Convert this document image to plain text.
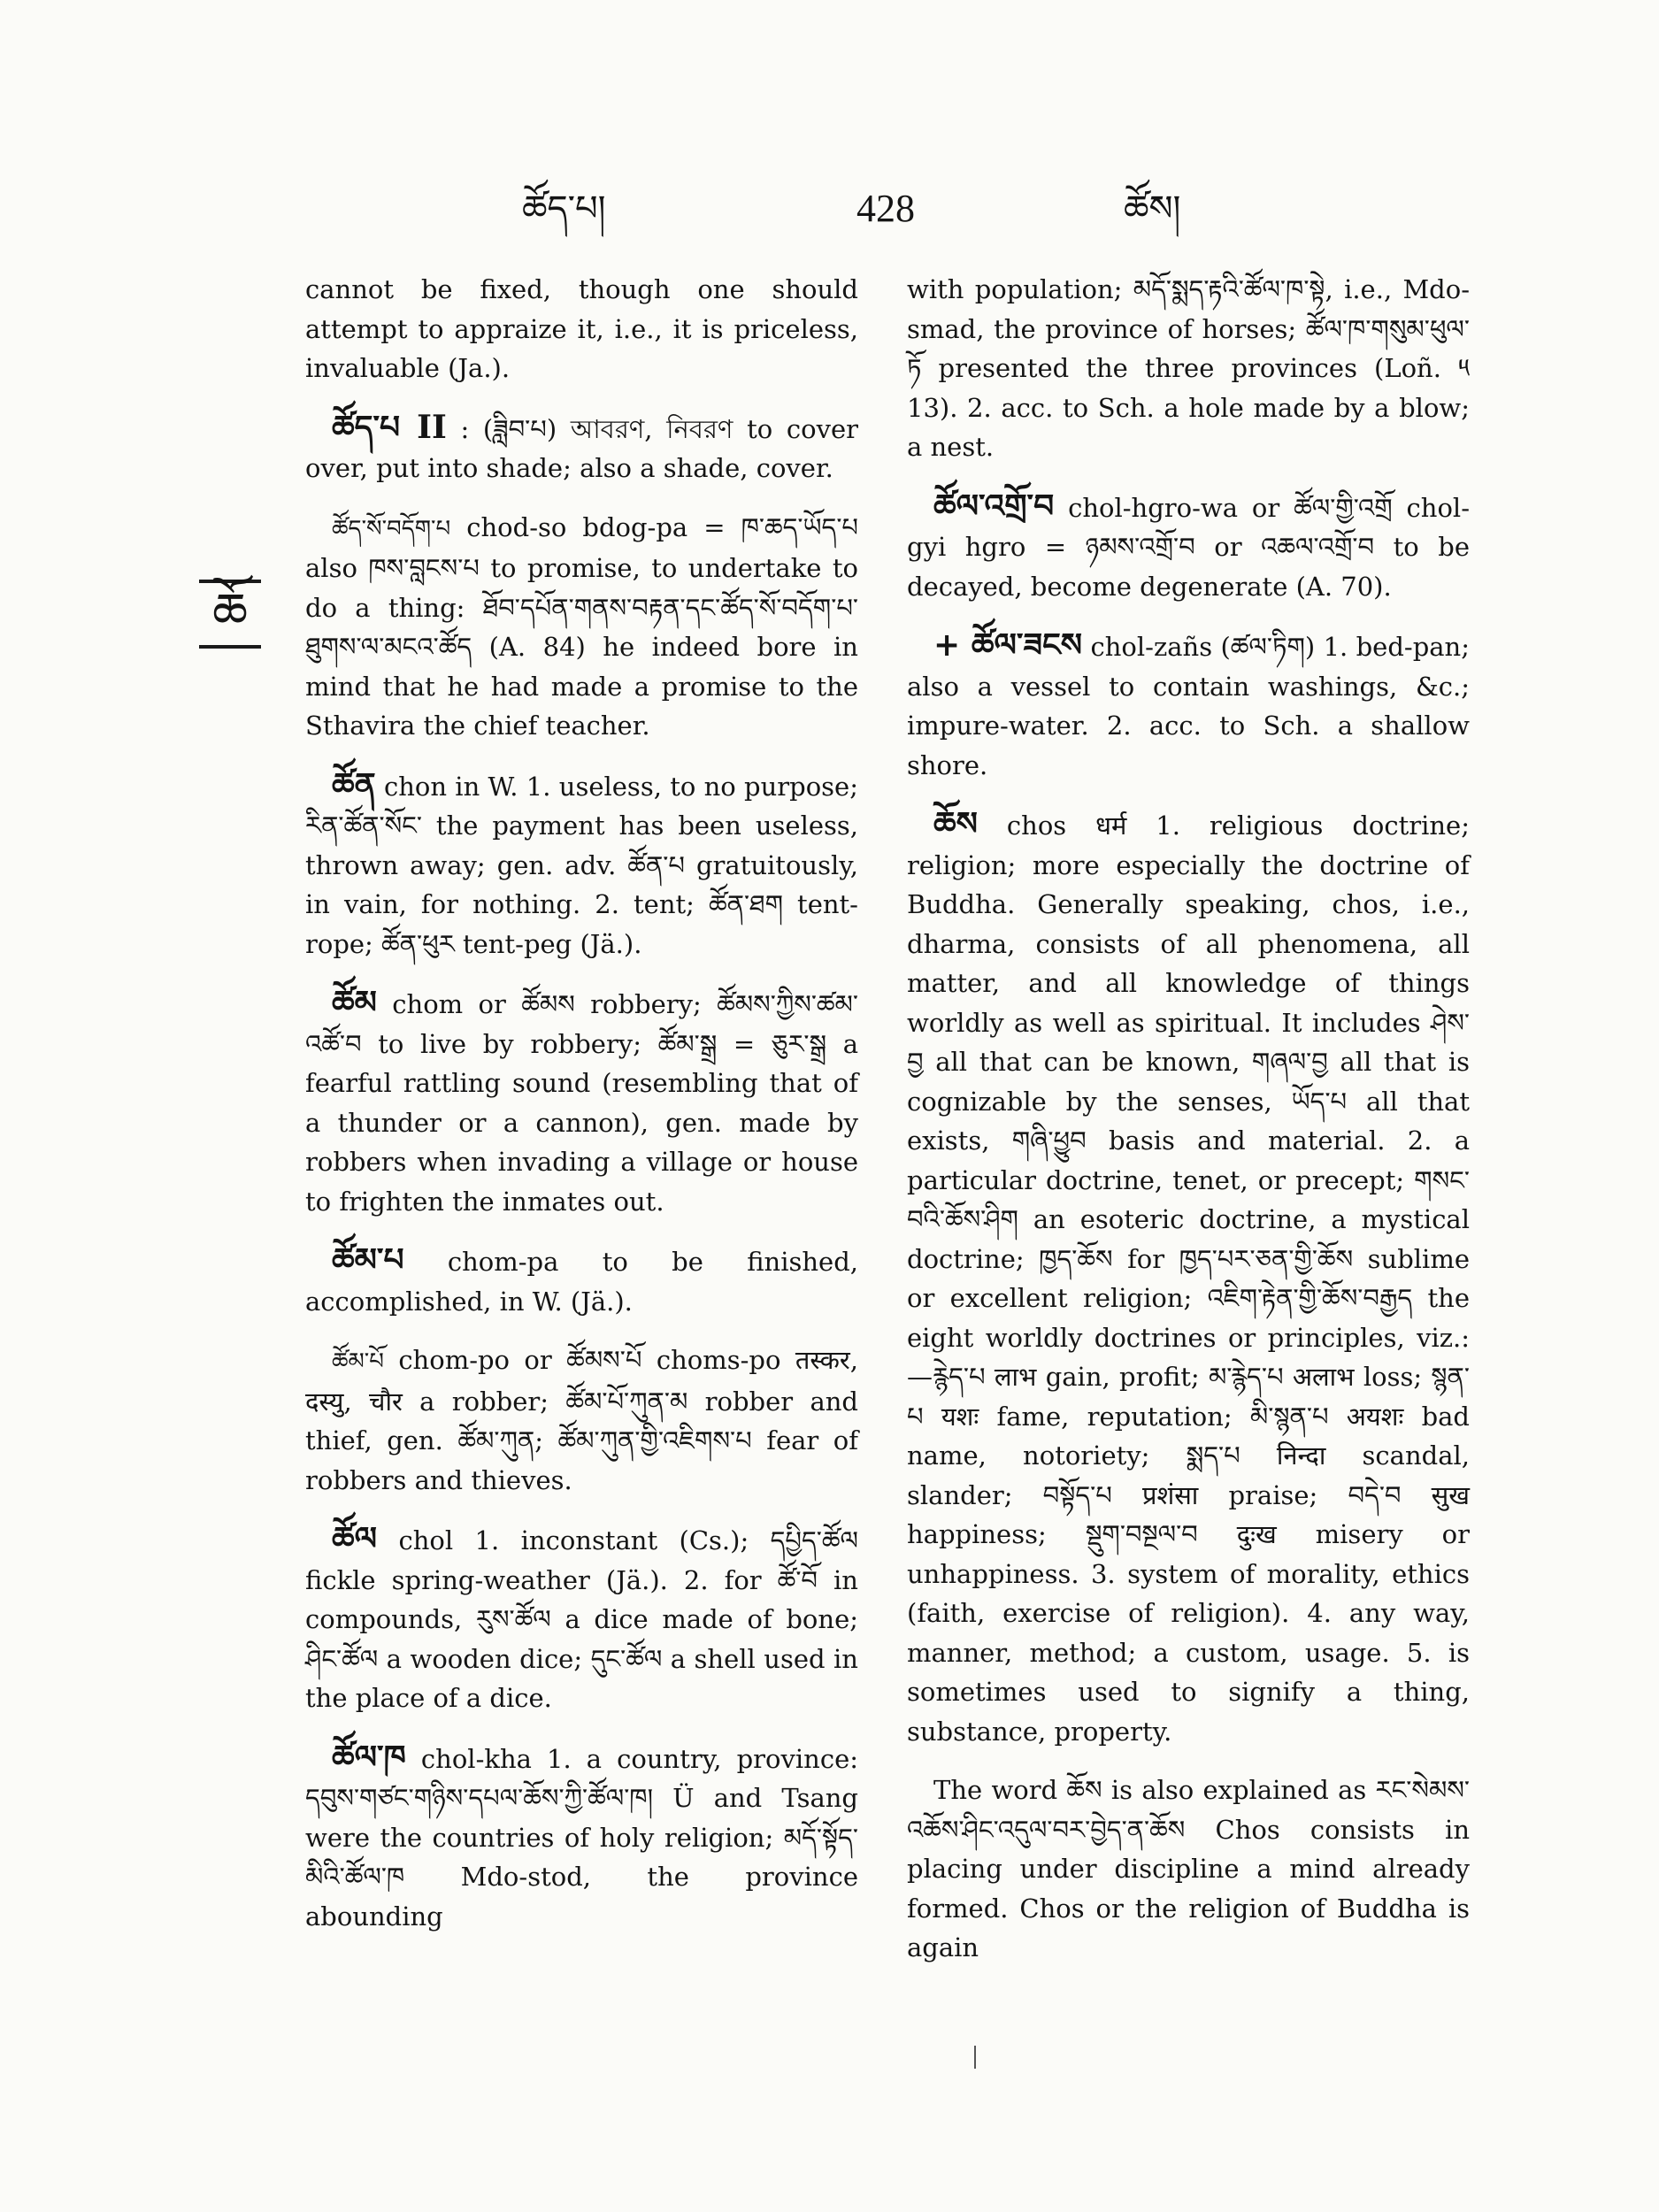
ཚོད་པ།	428	ཚོས།
ཆོ

cannot be fixed, though one should attempt to appraize it, i.e., it is priceless, invaluable (Ja.).

ཚོད་པ II : (ཟླིབ་པ) আবরণ, নিবরণ to cover over, put into shade; also a shade, cover.

ཚོད་སོ་བདོག་པ chod-so bdog-pa = ཁ་ཆད་ཡོད་པ also ཁས་བླངས་པ to promise, to undertake to do a thing: ཐོབ་དཔོན་གནས་བརྟན་དང་ཚོད་སོ་བདོག་པ་ཐུགས་ལ་མངའ་ཚོད (A. 84) he indeed bore in mind that he had made a promise to the Sthavira the chief teacher.

ཚོན chon in W. 1. useless, to no purpose; རིན་ཚོན་སོང་ the payment has been useless, thrown away; gen. adv. ཚོན་པ gratuitously, in vain, for nothing. 2. tent; ཚོན་ཐག tent-rope; ཚོན་ཕུར tent-peg (Jä.).

ཚོམ chom or ཚོམས robbery; ཚོམས་ཀྱིས་ཚམ་འཚོ་བ to live by robbery; ཚོམ་སྒྲ = ཅུར་སྒྲ a fearful rattling sound (resembling that of a thunder or a cannon), gen. made by robbers when invading a village or house to frighten the inmates out.

ཚོམ་པ chom-pa to be finished, accomplished, in W. (Jä.).

ཚོམ་པོ chom-po or ཚོམས་པོ choms-po तस्कर, दस्यु, चौर a robber; ཚོམ་པོ་ཀུན་མ robber and thief, gen. ཚོམ་ཀུན; ཚོམ་ཀུན་གྱི་འཇིགས་པ fear of robbers and thieves.

ཚོལ chol 1. inconstant (Cs.); དཔྱིད་ཚོལ fickle spring-weather (Jä.). 2. for ཚོ་བོ in compounds, རུས་ཚོལ a dice made of bone; ཤིང་ཚོལ a wooden dice; དུང་ཚོལ a shell used in the place of a dice.

ཚོལ་ཁ chol-kha 1. a country, province: དབུས་གཙང་གཉིས་དཔལ་ཆོས་ཀྱི་ཚོལ་ཁ། Ü and Tsang were the countries of holy religion; མདོ་སྟོད་མིའི་ཚོལ་ཁ Mdo-stod, the province abounding

with population; མདོ་སྨད་རྟའི་ཚོལ་ཁ་སྟེ, i.e., Mdo-smad, the province of horses; ཚོལ་ཁ་གསུམ་ཕུལ་ཏོ presented the three provinces (Loñ. ༥ 13). 2. acc. to Sch. a hole made by a blow; a nest.

ཚོལ་འགྲོ་བ chol-hgro-wa or ཚོལ་གྱི་འགྲོ chol-gyi hgro = ཉམས་འགྲོ་བ or འཆལ་འགྲོ་བ to be decayed, become degenerate (A. 70).

+ ཚོལ་ཟངས chol-zañs (ཚལ་ཏིག) 1. bed-pan; also a vessel to contain washings, &c.; impure-water. 2. acc. to Sch. a shallow shore.

ཆོས chos धर्म 1. religious doctrine; religion; more especially the doctrine of Buddha. Generally speaking, chos, i.e., dharma, consists of all phenomena, all matter, and all knowledge of things worldly as well as spiritual. It includes ཤེས་བྱ all that can be known, གཞལ་བྱ all that is cognizable by the senses, ཡོད་པ all that exists, གཞི་ཕྱུབ basis and material. 2. a particular doctrine, tenet, or precept; གསང་བའི་ཆོས་ཤིག an esoteric doctrine, a mystical doctrine; ཁྱད་ཆོས for ཁྱད་པར་ཅན་གྱི་ཆོས sublime or excellent religion; འཇིག་རྟེན་གྱི་ཆོས་བརྒྱད the eight worldly doctrines or principles, viz.:—རྙེད་པ लाभ gain, profit; མ་རྙེད་པ अलाभ loss; སྙན་པ यशः fame, reputation; མི་སྙན་པ अयशः bad name, notoriety; སྨད་པ निन्दा scandal, slander; བསྟོད་པ प्रशंसा praise; བདེ་བ सुख happiness; སྡུག་བསྔལ་བ दुःख misery or unhappiness. 3. system of morality, ethics (faith, exercise of religion). 4. any way, manner, method; a custom, usage. 5. is sometimes used to signify a thing, substance, property.

The word ཆོས is also explained as རང་སེམས་འཆོས་ཤིང་འདུལ་བར་བྱེད་ན་ཆོས Chos consists in placing under discipline a mind already formed. Chos or the religion of Buddha is again
